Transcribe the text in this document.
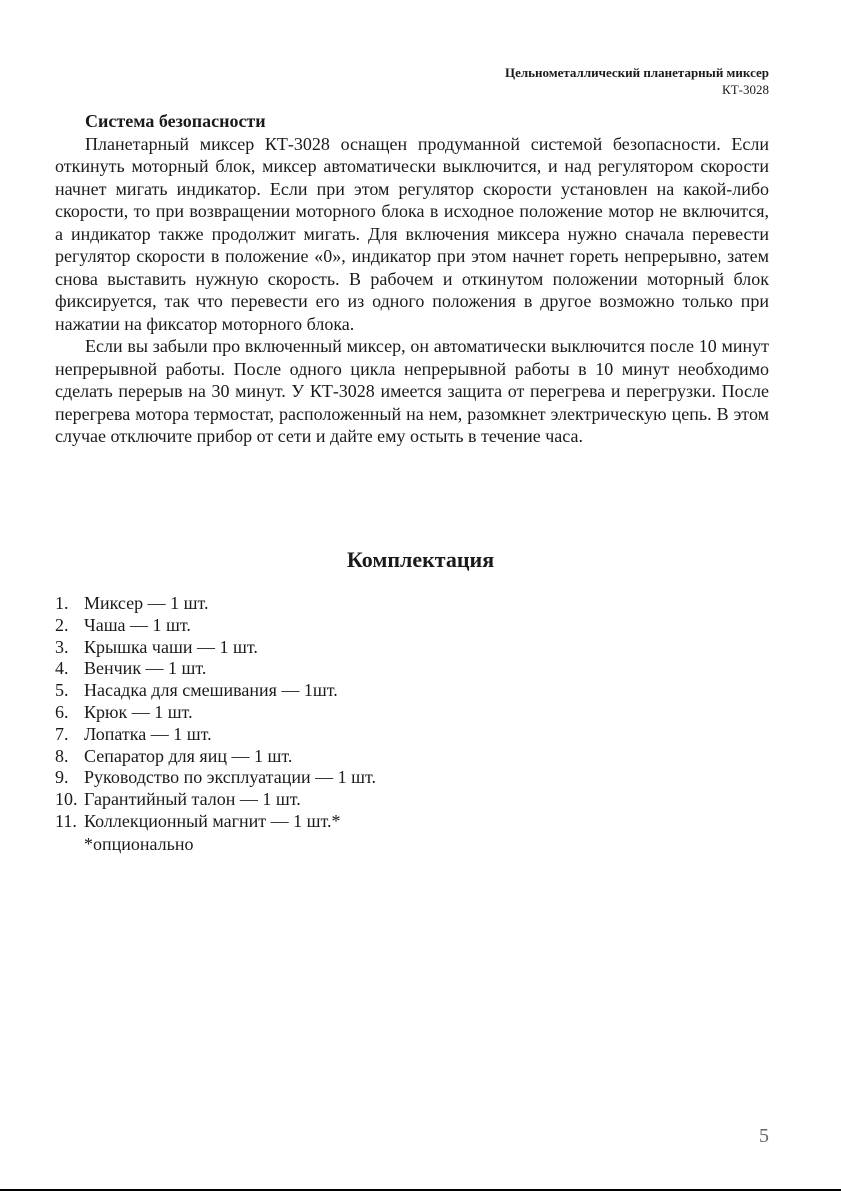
Цельнометаллический планетарный миксер
КТ-3028
Система безопасности

Планетарный миксер КТ-3028 оснащен продуманной системой безопасности. Если откинуть моторный блок, миксер автоматически выключится, и над регулятором скорости начнет мигать индикатор. Если при этом регулятор скорости установлен на какой-либо скорости, то при возвращении моторного блока в исходное положение мотор не включится, а индикатор также продолжит мигать. Для включения миксера нужно сначала перевести регулятор скорости в положение «0», индикатор при этом начнет гореть непрерывно, затем снова выставить нужную скорость. В рабочем и откинутом положении моторный блок фиксируется, так что перевести его из одного положения в другое возможно только при нажатии на фиксатор моторного блока.

Если вы забыли про включенный миксер, он автоматически выключится после 10 минут непрерывной работы. После одного цикла непрерывной работы в 10 минут необходимо сделать перерыв на 30 минут. У КТ-3028 имеется защита от перегрева и перегрузки. После перегрева мотора термостат, расположенный на нем, разомкнет электрическую цепь. В этом случае отключите прибор от сети и дайте ему остыть в течение часа.

Комплектация
1. Миксер — 1 шт.
2. Чаша — 1 шт.
3. Крышка чаши — 1 шт.
4. Венчик — 1 шт.
5. Насадка для смешивания — 1шт.
6. Крюк — 1 шт.
7. Лопатка — 1 шт.
8. Сепаратор для яиц — 1 шт.
9. Руководство по эксплуатации — 1 шт.
10. Гарантийный талон — 1 шт.
11. Коллекционный магнит — 1 шт.*
*опционально
5
